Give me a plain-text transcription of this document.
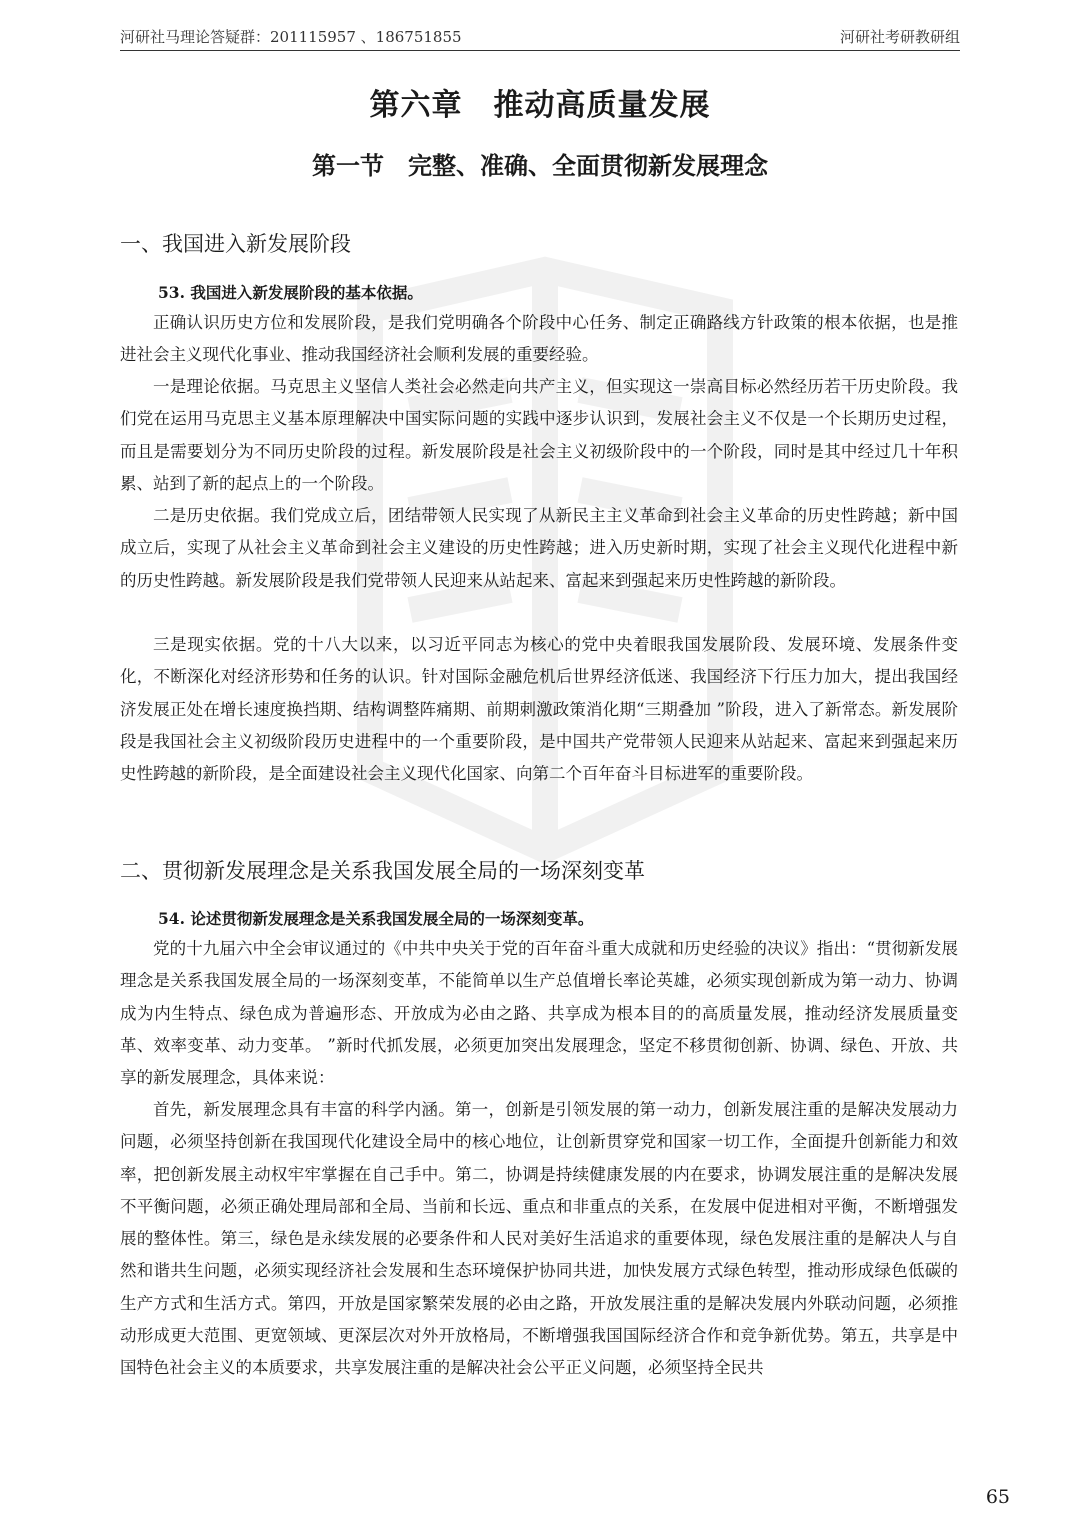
河研社马理论答疑群：201115957 、186751855	河研社考研教研组
第六章　推动高质量发展
第一节　完整、准确、全面贯彻新发展理念
一、我国进入新发展阶段
53. 我国进入新发展阶段的基本依据。

正确认识历史方位和发展阶段，是我们党明确各个阶段中心任务、制定正确路线方针政策的根本依据，也是推进社会主义现代化事业、推动我国经济社会顺利发展的重要经验。

一是理论依据。马克思主义坚信人类社会必然走向共产主义，但实现这一崇高目标必然经历若干历史阶段。我们党在运用马克思主义基本原理解决中国实际问题的实践中逐步认识到，发展社会主义不仅是一个长期历史过程，而且是需要划分为不同历史阶段的过程。新发展阶段是社会主义初级阶段中的一个阶段，同时是其中经过几十年积累、站到了新的起点上的一个阶段。

二是历史依据。我们党成立后，团结带领人民实现了从新民主主义革命到社会主义革命的历史性跨越；新中国成立后，实现了从社会主义革命到社会主义建设的历史性跨越；进入历史新时期，实现了社会主义现代化进程中新的历史性跨越。新发展阶段是我们党带领人民迎来从站起来、富起来到强起来历史性跨越的新阶段。

三是现实依据。党的十八大以来，以习近平同志为核心的党中央着眼我国发展阶段、发展环境、发展条件变化，不断深化对经济形势和任务的认识。针对国际金融危机后世界经济低迷、我国经济下行压力加大，提出我国经济发展正处在增长速度换挡期、结构调整阵痛期、前期刺激政策消化期“三期叠加 ”阶段，进入了新常态。新发展阶段是我国社会主义初级阶段历史进程中的一个重要阶段，是中国共产党带领人民迎来从站起来、富起来到强起来历史性跨越的新阶段，是全面建设社会主义现代化国家、向第二个百年奋斗目标进军的重要阶段。

二、贯彻新发展理念是关系我国发展全局的一场深刻变革
54. 论述贯彻新发展理念是关系我国发展全局的一场深刻变革。

党的十九届六中全会审议通过的《中共中央关于党的百年奋斗重大成就和历史经验的决议》指出：“贯彻新发展理念是关系我国发展全局的一场深刻变革，不能简单以生产总值增长率论英雄，必须实现创新成为第一动力、协调成为内生特点、绿色成为普遍形态、开放成为必由之路、共享成为根本目的的高质量发展，推动经济发展质量变革、效率变革、动力变革。 ”新时代抓发展，必须更加突出发展理念，坚定不移贯彻创新、协调、绿色、开放、共享的新发展理念，具体来说：

首先，新发展理念具有丰富的科学内涵。第一，创新是引领发展的第一动力，创新发展注重的是解决发展动力问题，必须坚持创新在我国现代化建设全局中的核心地位，让创新贯穿党和国家一切工作，全面提升创新能力和效率，把创新发展主动权牢牢掌握在自己手中。第二，协调是持续健康发展的内在要求，协调发展注重的是解决发展不平衡问题，必须正确处理局部和全局、当前和长远、重点和非重点的关系，在发展中促进相对平衡，不断增强发展的整体性。第三，绿色是永续发展的必要条件和人民对美好生活追求的重要体现，绿色发展注重的是解决人与自然和谐共生问题，必须实现经济社会发展和生态环境保护协同共进，加快发展方式绿色转型，推动形成绿色低碳的生产方式和生活方式。第四，开放是国家繁荣发展的必由之路，开放发展注重的是解决发展内外联动问题，必须推动形成更大范围、更宽领域、更深层次对外开放格局，不断增强我国国际经济合作和竞争新优势。第五，共享是中国特色社会主义的本质要求，共享发展注重的是解决社会公平正义问题，必须坚持全民共

65
